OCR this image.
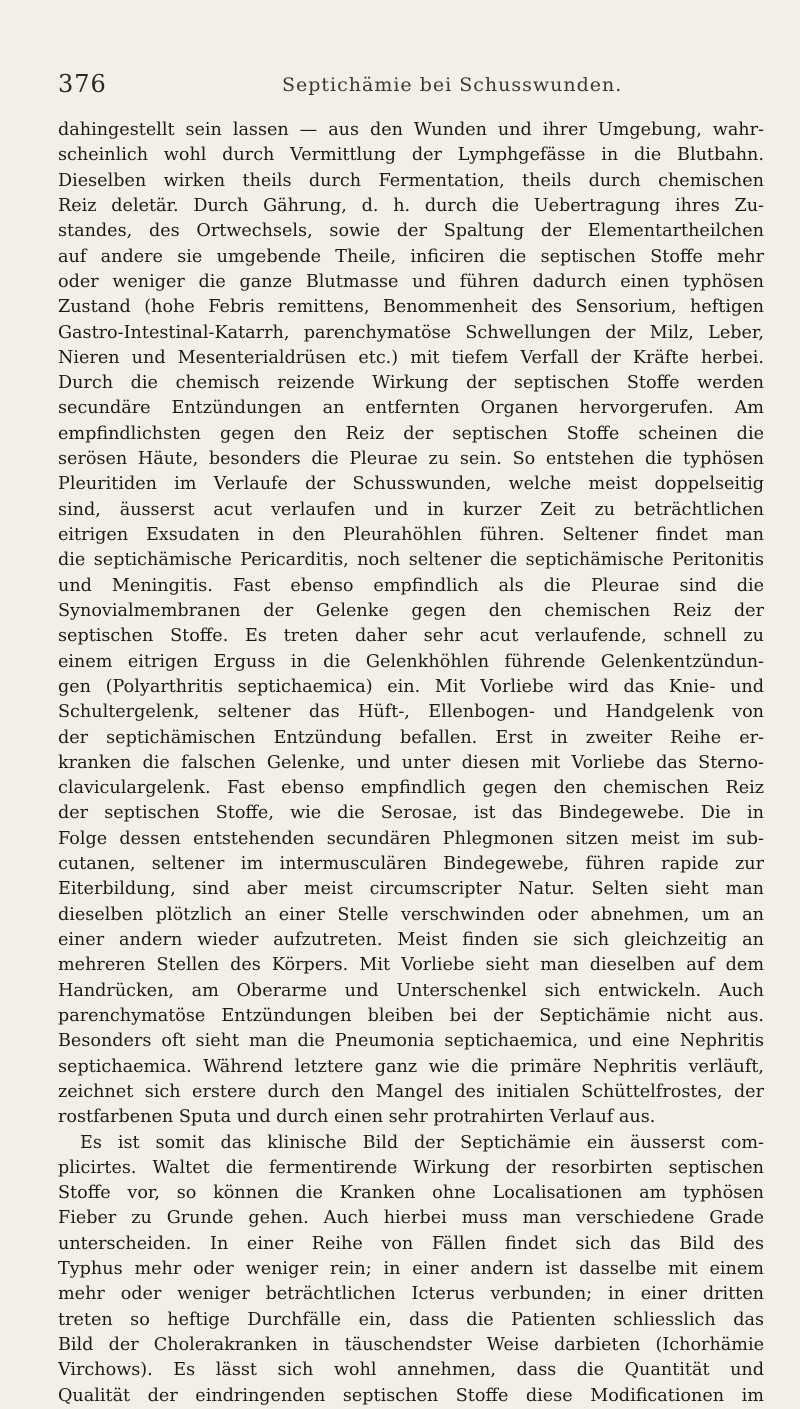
376	Septichämie bei Schusswunden.
dahingestellt sein lassen — aus den Wunden und ihrer Umgebung, wahr-
scheinlich wohl durch Vermittlung der Lymphgefässe in die Blutbahn.
Dieselben wirken theils durch Fermentation, theils durch chemischen
Reiz deletär. Durch Gährung, d. h. durch die Uebertragung ihres Zu-
standes, des Ortwechsels, sowie der Spaltung der Elementartheilchen
auf andere sie umgebende Theile, inficiren die septischen Stoffe mehr
oder weniger die ganze Blutmasse und führen dadurch einen typhösen
Zustand (hohe Febris remittens, Benommenheit des Sensorium, heftigen
Gastro-Intestinal-Katarrh, parenchymatöse Schwellungen der Milz, Leber,
Nieren und Mesenterialdrüsen etc.) mit tiefem Verfall der Kräfte herbei.
Durch die chemisch reizende Wirkung der septischen Stoffe werden
secundäre Entzündungen an entfernten Organen hervorgerufen. Am
empfindlichsten gegen den Reiz der septischen Stoffe scheinen die
serösen Häute, besonders die Pleurae zu sein. So entstehen die typhösen
Pleuritiden im Verlaufe der Schusswunden, welche meist doppelseitig
sind, äusserst acut verlaufen und in kurzer Zeit zu beträchtlichen
eitrigen Exsudaten in den Pleurahöhlen führen. Seltener findet man
die septichämische Pericarditis, noch seltener die septichämische Peritonitis
und Meningitis. Fast ebenso empfindlich als die Pleurae sind die
Synovialmembranen der Gelenke gegen den chemischen Reiz der
septischen Stoffe. Es treten daher sehr acut verlaufende, schnell zu
einem eitrigen Erguss in die Gelenkhöhlen führende Gelenkentzündun-
gen (Polyarthritis septichaemica) ein. Mit Vorliebe wird das Knie- und
Schultergelenk, seltener das Hüft-, Ellenbogen- und Handgelenk von
der septichämischen Entzündung befallen. Erst in zweiter Reihe er-
kranken die falschen Gelenke, und unter diesen mit Vorliebe das Sterno-
claviculargelenk. Fast ebenso empfindlich gegen den chemischen Reiz
der septischen Stoffe, wie die Serosae, ist das Bindegewebe. Die in
Folge dessen entstehenden secundären Phlegmonen sitzen meist im sub-
cutanen, seltener im intermusculären Bindegewebe, führen rapide zur
Eiterbildung, sind aber meist circumscripter Natur. Selten sieht man
dieselben plötzlich an einer Stelle verschwinden oder abnehmen, um an
einer andern wieder aufzutreten. Meist finden sie sich gleichzeitig an
mehreren Stellen des Körpers. Mit Vorliebe sieht man dieselben auf dem
Handrücken, am Oberarme und Unterschenkel sich entwickeln. Auch
parenchymatöse Entzündungen bleiben bei der Septichämie nicht aus.
Besonders oft sieht man die Pneumonia septichaemica, und eine Nephritis
septichaemica. Während letztere ganz wie die primäre Nephritis verläuft,
zeichnet sich erstere durch den Mangel des initialen Schüttelfrostes, der
rostfarbenen Sputa und durch einen sehr protrahirten Verlauf aus.
Es ist somit das klinische Bild der Septichämie ein äusserst com-
plicirtes. Waltet die fermentirende Wirkung der resorbirten septischen
Stoffe vor, so können die Kranken ohne Localisationen am typhösen
Fieber zu Grunde gehen. Auch hierbei muss man verschiedene Grade
unterscheiden. In einer Reihe von Fällen findet sich das Bild des
Typhus mehr oder weniger rein; in einer andern ist dasselbe mit einem
mehr oder weniger beträchtlichen Icterus verbunden; in einer dritten
treten so heftige Durchfälle ein, dass die Patienten schliesslich das
Bild der Cholerakranken in täuschendster Weise darbieten (Ichorhämie
Virchows). Es lässt sich wohl annehmen, dass die Quantität und
Qualität der eindringenden septischen Stoffe diese Modificationen im
